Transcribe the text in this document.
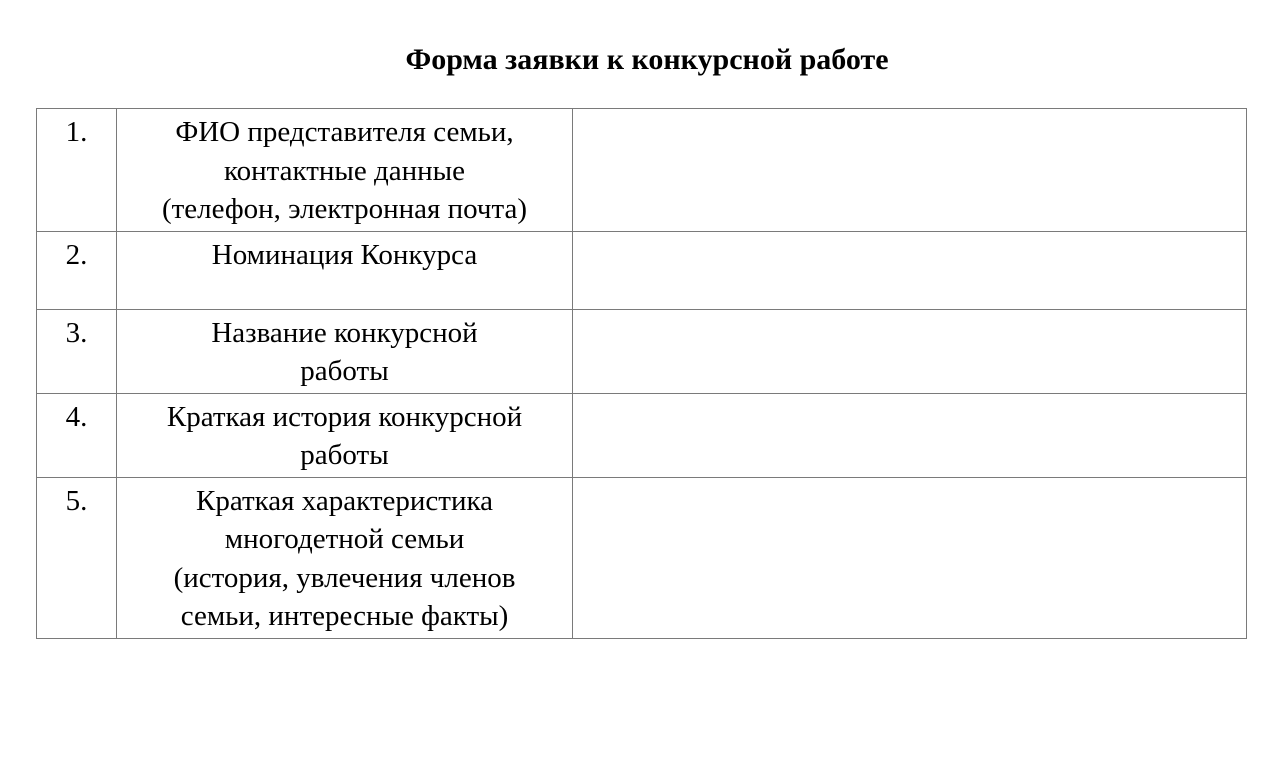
Форма заявки к конкурсной работе
1.	ФИО представителя семьи,
контактные данные
(телефон, электронная почта)	

2.	Номинация Конкурса	

3.	Название конкурсной
работы	

4.	Краткая история конкурсной
работы	

5.	Краткая характеристика
многодетной семьи
(история, увлечения членов
семьи, интересные факты)	
